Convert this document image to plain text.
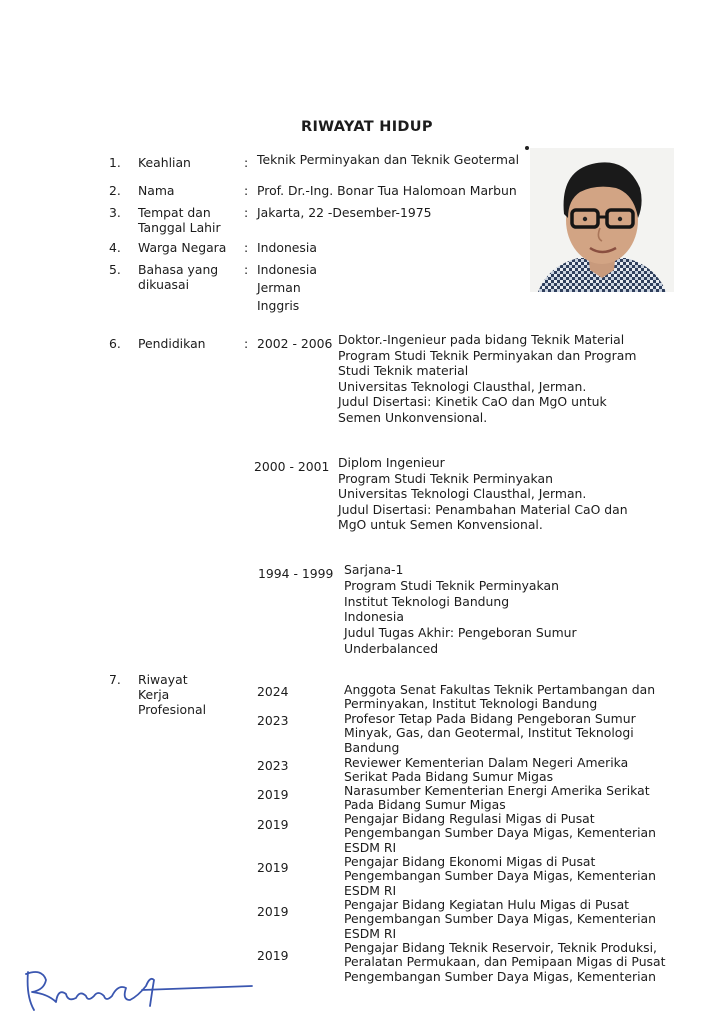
RIWAYAT HIDUP
1. Keahlian	: Teknik Perminyakan dan Teknik Geotermal
2. Nama	: Prof. Dr.-Ing. Bonar Tua Halomoan Marbun
3. Tempat dan
Tanggal Lahir
: Jakarta, 22 -Desember-1975
4. Warga Negara : Indonesia
5. Bahasa yang
dikuasai
: Indonesia
Jerman
Inggris
6. Pendidikan	: 2002 - 2006 Doktor.-Ingenieur pada bidang Teknik Material
Program Studi Teknik Perminyakan dan Program
Studi Teknik material
Universitas Teknologi Clausthal, Jerman.
Judul Disertasi: Kinetik CaO dan MgO untuk
Semen Unkonvensional.
2000 - 2001 Diplom Ingenieur
Program Studi Teknik Perminyakan
Universitas Teknologi Clausthal, Jerman.
Judul Disertasi: Penambahan Material CaO dan
MgO untuk Semen Konvensional.
1994 - 1999 Sarjana-1
Program Studi Teknik Perminyakan
Institut Teknologi Bandung
Indonesia
Judul Tugas Akhir: Pengeboran Sumur
Underbalanced
7. Riwayat
Kerja
Profesional
2024	Anggota Senat Fakultas Teknik Pertambangan dan
Perminyakan, Institut Teknologi Bandung
2023	Profesor Tetap Pada Bidang Pengeboran Sumur
Minyak, Gas, dan Geotermal, Institut Teknologi
Bandung
2023	Reviewer Kementerian Dalam Negeri Amerika
Serikat Pada Bidang Sumur Migas
2019	Narasumber Kementerian Energi Amerika Serikat
Pada Bidang Sumur Migas
2019	Pengajar Bidang Regulasi Migas di Pusat
Pengembangan Sumber Daya Migas, Kementerian
ESDM RI
2019	Pengajar Bidang Ekonomi Migas di Pusat
Pengembangan Sumber Daya Migas, Kementerian
ESDM RI
2019	Pengajar Bidang Kegiatan Hulu Migas di Pusat
Pengembangan Sumber Daya Migas, Kementerian
ESDM RI
2019
Pengajar Bidang Teknik Reservoir, Teknik Produksi,
Peralatan Permukaan, dan Pemipaan Migas di Pusat
Pengembangan Sumber Daya Migas, Kementerian
